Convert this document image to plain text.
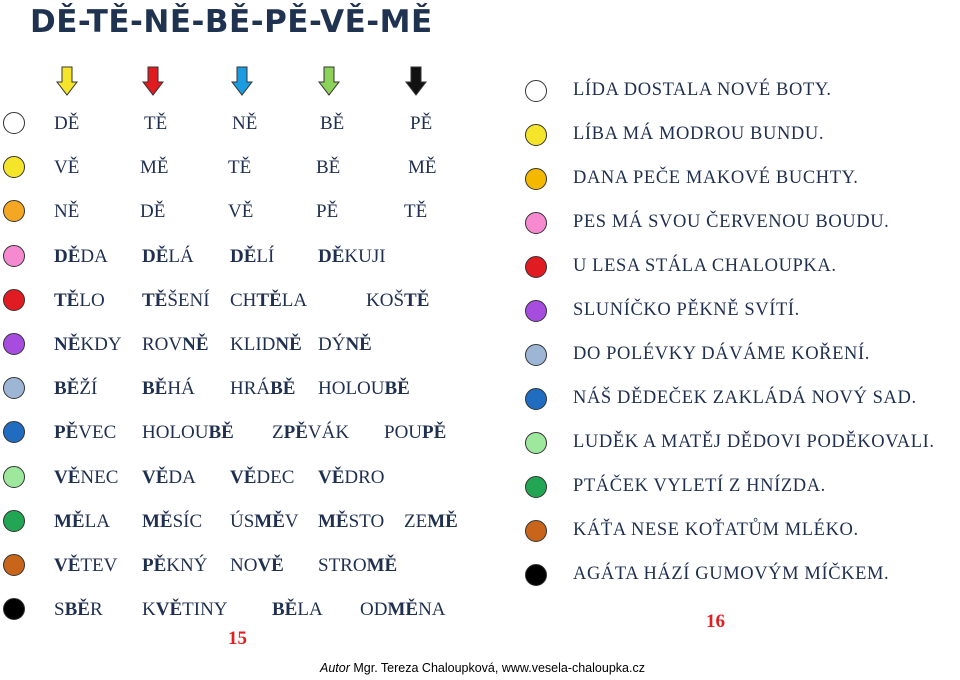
DĚ-TĚ-NĚ-BĚ-PĚ-VĚ-MĚ
DĚ	TĚ	NĚ	BĚ	PĚ
VĚ	MĚ	TĚ	BĚ	MĚ
NĚ	DĚ	VĚ	PĚ	TĚ
DĚDA DĚLÁ DĚLÍ DĚKUJI
TĚLO TĚŠENÍ CHTĚLA	KOŠTĚ
NĚKDY ROVNĚ KLIDNĚ DÝNĚ
BĚŽÍ BĚHÁ HRÁBĚ HOLOUBĚ
PĚVEC HOLOUBĚ ZPĚVÁK POUPĚ
VĚNEC VĚDA VĚDEC VĚDRO
MĚLA MĚSÍC ÚSMĚV MĚSTO ZEMĚ
VĚTEV PĚKNÝ NOVĚ STROMĚ
SBĚR KVĚTINY BĚLA ODMĚNA
15
LÍDA DOSTALA NOVÉ BOTY.
LÍBA MÁ MODROU BUNDU.
DANA PEČE MAKOVÉ BUCHTY.
PES MÁ SVOU ČERVENOU BOUDU.
U LESA STÁLA CHALOUPKA.
SLUNÍČKO PĚKNĚ SVÍTÍ.
DO POLÉVKY DÁVÁME KOŘENÍ.
NÁŠ DĚDEČEK ZAKLÁDÁ NOVÝ SAD.
LUDĚK A MATĚJ DĚDOVI PODĚKOVALI.
PTÁČEK VYLETÍ Z HNÍZDA.
KÁŤA NESE KOŤATŮM MLÉKO.
AGÁTA HÁZÍ GUMOVÝM MÍČKEM.
16
Autor Mgr. Tereza Chaloupková, www.vesela-chaloupka.cz
